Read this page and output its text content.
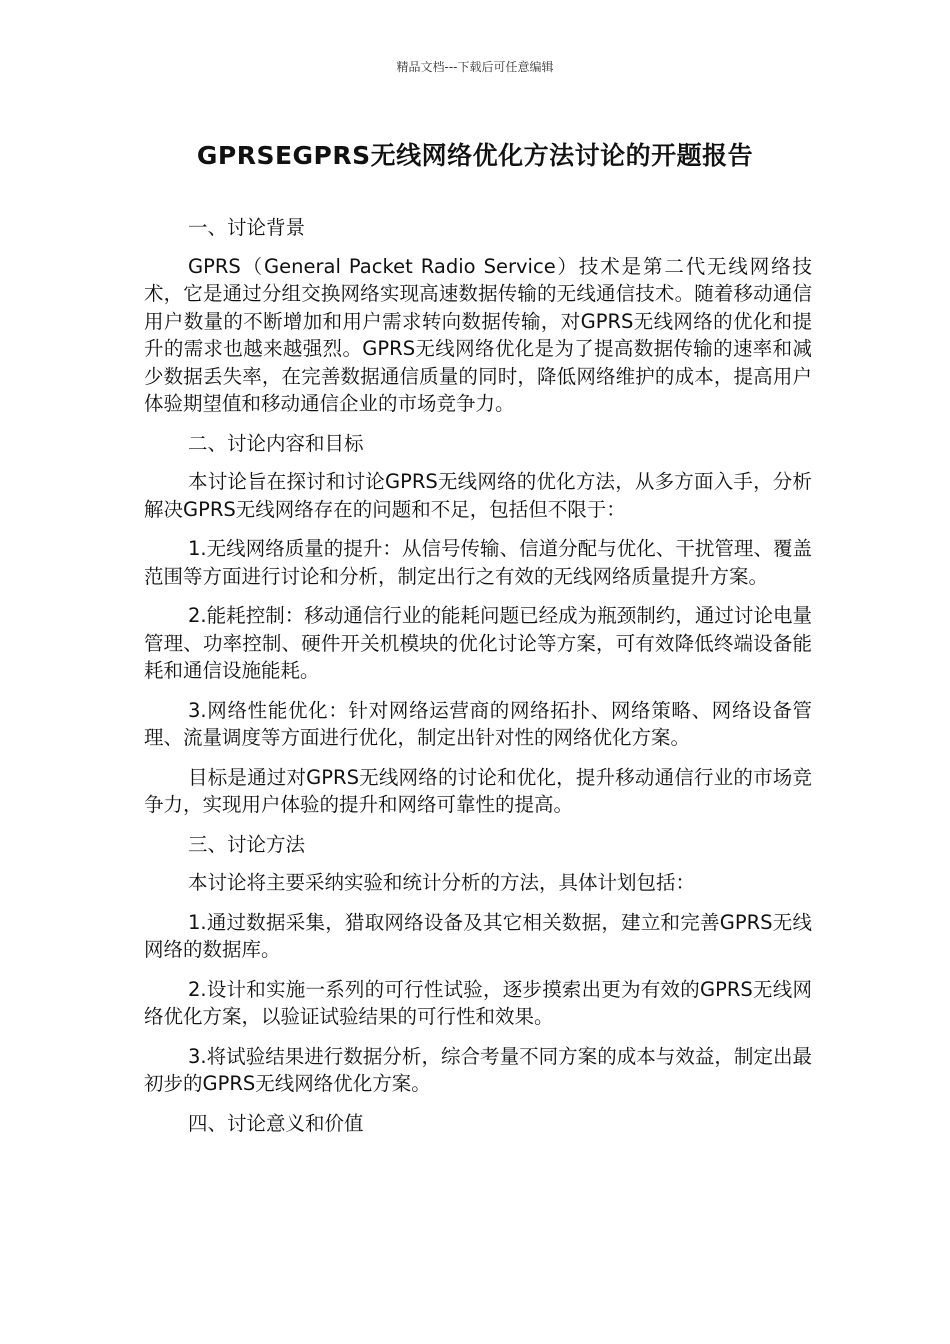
精品文档---下载后可任意编辑
GPRSEGPRS无线网络优化方法讨论的开题报告

一、讨论背景

GPRS（General Packet Radio Service）技术是第二代无线网络技术，它是通过分组交换网络实现高速数据传输的无线通信技术。随着移动通信用户数量的不断增加和用户需求转向数据传输，对GPRS无线网络的优化和提升的需求也越来越强烈。GPRS无线网络优化是为了提高数据传输的速率和减少数据丢失率，在完善数据通信质量的同时，降低网络维护的成本，提高用户体验期望值和移动通信企业的市场竞争力。

二、讨论内容和目标

本讨论旨在探讨和讨论GPRS无线网络的优化方法，从多方面入手，分析解决GPRS无线网络存在的问题和不足，包括但不限于：

1.无线网络质量的提升：从信号传输、信道分配与优化、干扰管理、覆盖范围等方面进行讨论和分析，制定出行之有效的无线网络质量提升方案。

2.能耗控制：移动通信行业的能耗问题已经成为瓶颈制约，通过讨论电量管理、功率控制、硬件开关机模块的优化讨论等方案，可有效降低终端设备能耗和通信设施能耗。

3.网络性能优化：针对网络运营商的网络拓扑、网络策略、网络设备管理、流量调度等方面进行优化，制定出针对性的网络优化方案。

目标是通过对GPRS无线网络的讨论和优化，提升移动通信行业的市场竞争力，实现用户体验的提升和网络可靠性的提高。

三、讨论方法

本讨论将主要采纳实验和统计分析的方法，具体计划包括：

1.通过数据采集，猎取网络设备及其它相关数据，建立和完善GPRS无线网络的数据库。

2.设计和实施一系列的可行性试验，逐步摸索出更为有效的GPRS无线网络优化方案，以验证试验结果的可行性和效果。

3.将试验结果进行数据分析，综合考量不同方案的成本与效益，制定出最初步的GPRS无线网络优化方案。

四、讨论意义和价值
